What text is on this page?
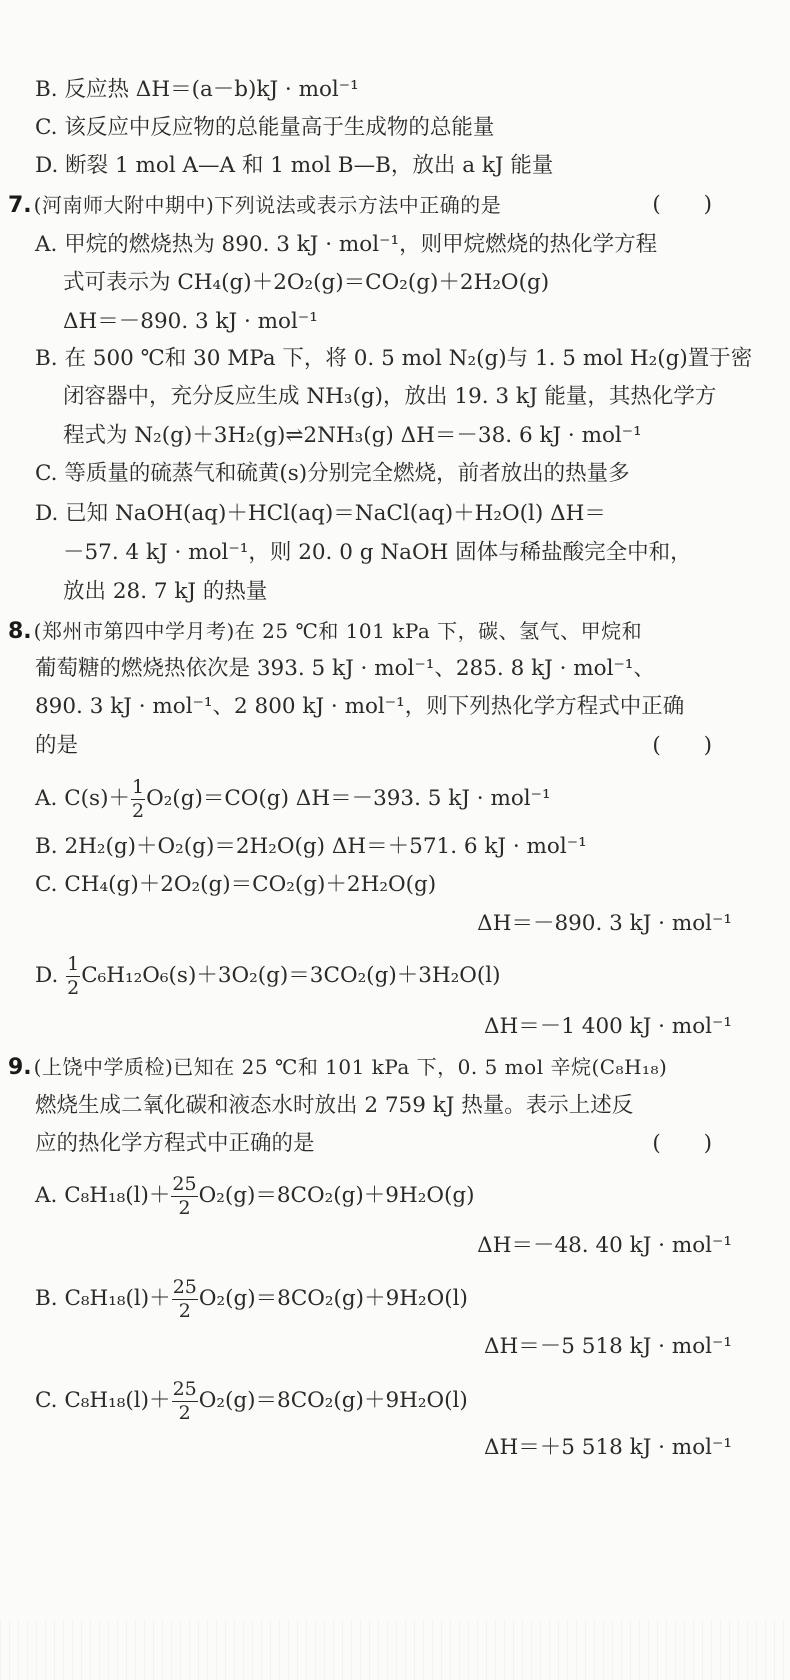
B. 反应热 ΔH＝(a－b)kJ · mol⁻¹
C. 该反应中反应物的总能量高于生成物的总能量
D. 断裂 1 mol A—A 和 1 mol B—B，放出 a kJ 能量
7. (河南师大附中期中)下列说法或表示方法中正确的是	( )
A. 甲烷的燃烧热为 890. 3 kJ · mol⁻¹，则甲烷燃烧的热化学方程
式可表示为 CH₄(g)＋2O₂(g)＝CO₂(g)＋2H₂O(g)
ΔH＝－890. 3 kJ · mol⁻¹
B. 在 500 ℃和 30 MPa 下，将 0. 5 mol N₂(g)与 1. 5 mol H₂(g)置于密
闭容器中，充分反应生成 NH₃(g)，放出 19. 3 kJ 能量，其热化学方
程式为 N₂(g)＋3H₂(g)⇌2NH₃(g) ΔH＝－38. 6 kJ · mol⁻¹
C. 等质量的硫蒸气和硫黄(s)分别完全燃烧，前者放出的热量多
D. 已知 NaOH(aq)＋HCl(aq)＝NaCl(aq)＋H₂O(l) ΔH＝
－57. 4 kJ · mol⁻¹，则 20. 0 g NaOH 固体与稀盐酸完全中和，
放出 28. 7 kJ 的热量
8. (郑州市第四中学月考)在 25 ℃和 101 kPa 下，碳、氢气、甲烷和
葡萄糖的燃烧热依次是 393. 5 kJ · mol⁻¹、285. 8 kJ · mol⁻¹、
890. 3 kJ · mol⁻¹、2 800 kJ · mol⁻¹，则下列热化学方程式中正确
的是	( )
A. $C(s)+ \frac{1}{2} O_2(g)=CO(g)$ ΔH＝－393. 5 kJ · mol⁻¹
B. 2H₂(g)＋O₂(g)＝2H₂O(g) ΔH＝＋571. 6 kJ · mol⁻¹
C. CH₄(g)＋2O₂(g)＝CO₂(g)＋2H₂O(g)
ΔH＝－890. 3 kJ · mol⁻¹
D. $\frac{1}{2} C_6H_{12}O_6(s)+3O_2(g)=3CO_2(g)+3H_2O(l)$
ΔH＝－1 400 kJ · mol⁻¹
9. (上饶中学质检)已知在 25 ℃和 101 kPa 下，0. 5 mol 辛烷(C₈H₁₈)
燃烧生成二氧化碳和液态水时放出 2 759 kJ 热量。表示上述反
应的热化学方程式中正确的是	( )
A. $C_8H_{18}(l)+ \frac{25}{2} O_2(g)=8CO_2(g)+9H_2O(g)$
ΔH＝－48. 40 kJ · mol⁻¹
B. $C_8H_{18}(l)+ \frac{25}{2} O_2(g)=8CO_2(g)+9H_2O(l)$
ΔH＝－5 518 kJ · mol⁻¹
C. $C_8H_{18}(l)+ \frac{25}{2} O_2(g)=8CO_2(g)+9H_2O(l)$
ΔH＝＋5 518 kJ · mol⁻¹
